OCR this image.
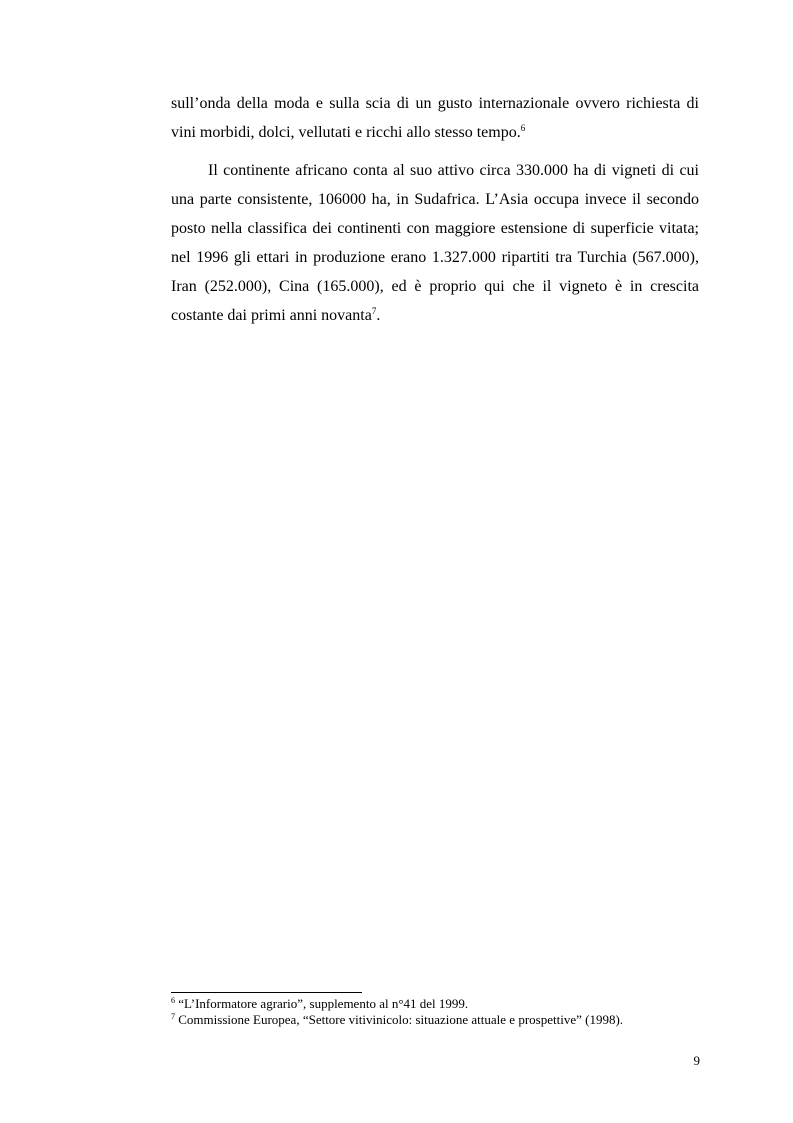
sull’onda della moda e sulla scia di un gusto internazionale ovvero richiesta di vini morbidi, dolci, vellutati e ricchi allo stesso tempo.$^6$

Il continente africano conta al suo attivo circa 330.000 ha di vigneti di cui una parte consistente, 106000 ha, in Sudafrica. L’Asia occupa invece il secondo posto nella classifica dei continenti con maggiore estensione di superficie vitata; nel 1996 gli ettari in produzione erano 1.327.000 ripartiti tra Turchia (567.000), Iran (252.000), Cina (165.000), ed è proprio qui che il vigneto è in crescita costante dai primi anni novanta$^7$.

$^6$ “L’Informatore agrario”, supplemento al n°41 del 1999.

$^7$ Commissione Europea, “Settore vitivinicolo: situazione attuale e prospettive” (1998).

9
